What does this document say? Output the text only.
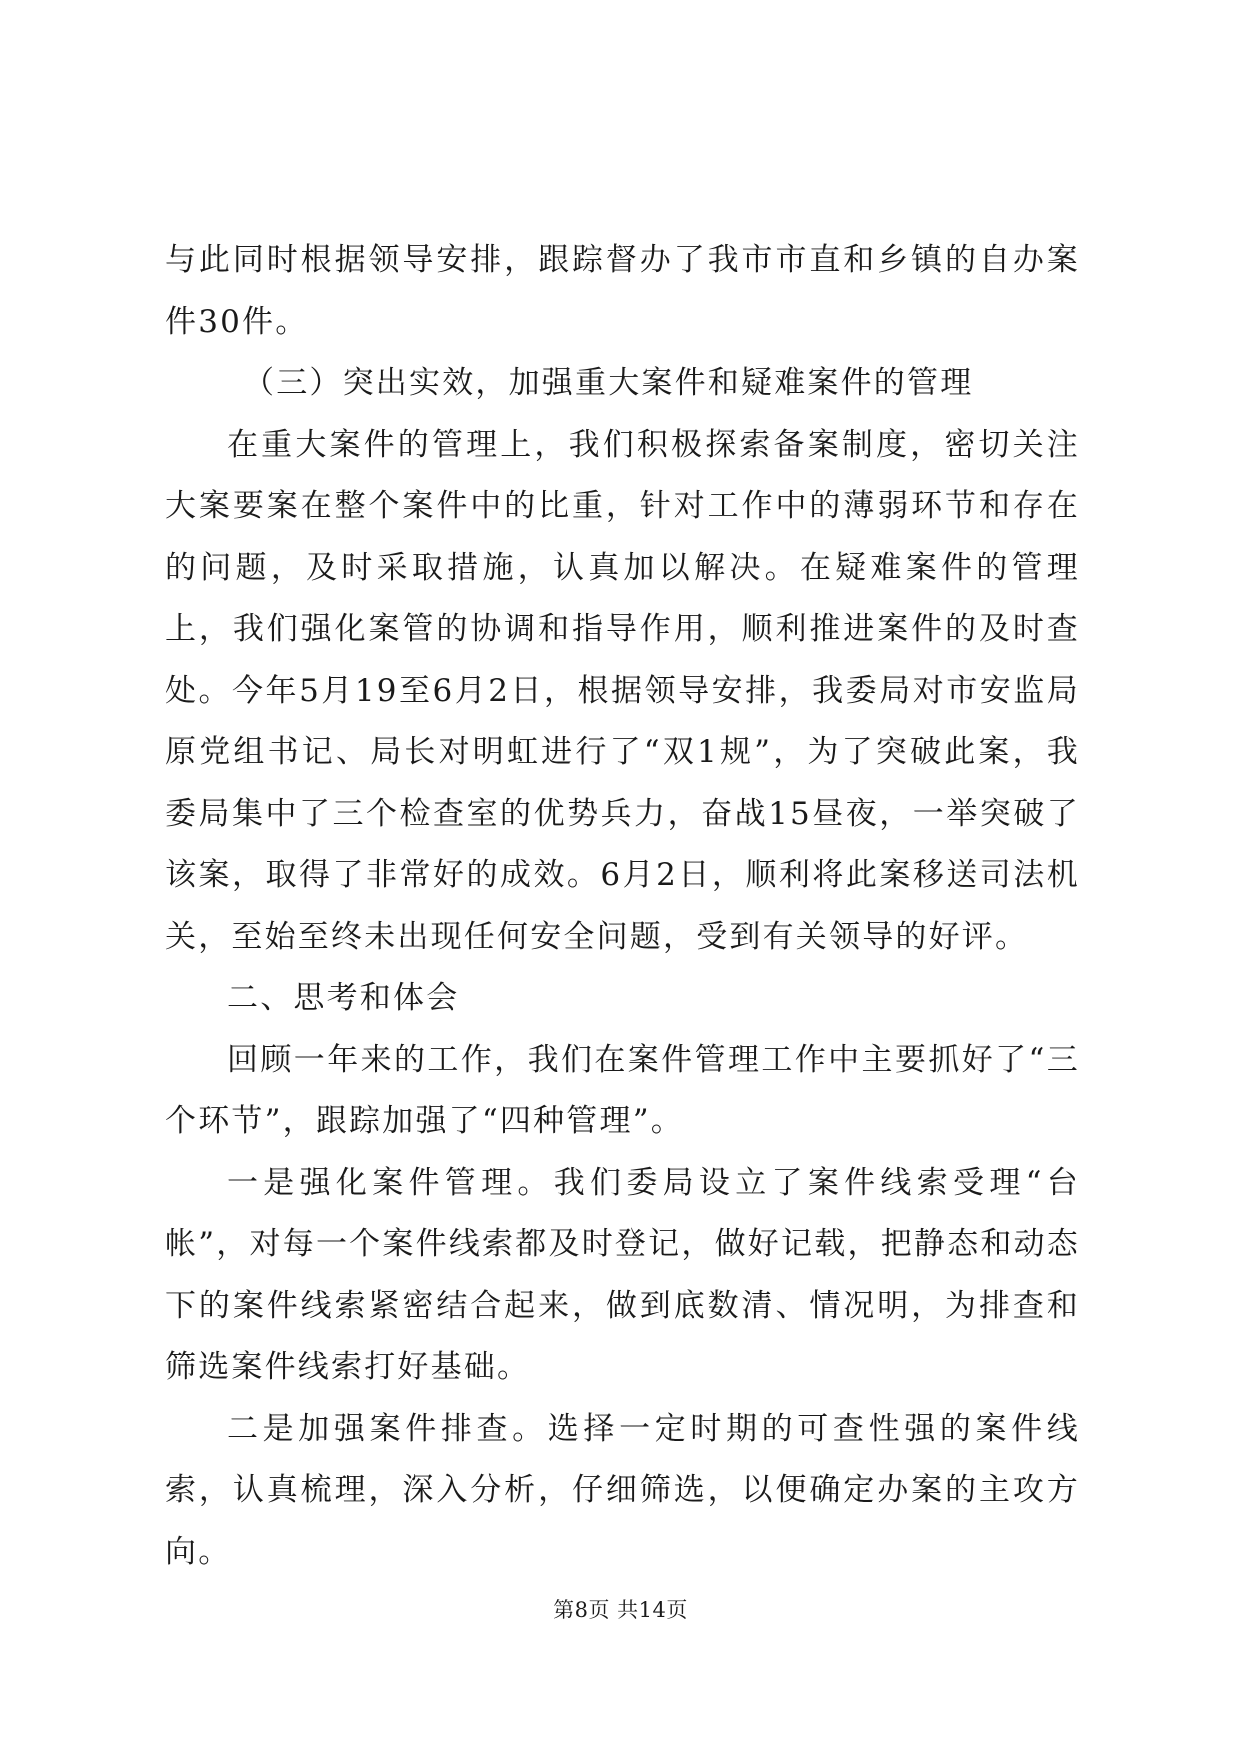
与此同时根据领导安排，跟踪督办了我市市直和乡镇的自办案件30件。

（三）突出实效，加强重大案件和疑难案件的管理

在重大案件的管理上，我们积极探索备案制度，密切关注大案要案在整个案件中的比重，针对工作中的薄弱环节和存在的问题，及时采取措施，认真加以解决。在疑难案件的管理上，我们强化案管的协调和指导作用，顺利推进案件的及时查处。今年5月19至6月2日，根据领导安排，我委局对市安监局原党组书记、局长对明虹进行了“双1规”，为了突破此案，我委局集中了三个检查室的优势兵力，奋战15昼夜，一举突破了该案，取得了非常好的成效。6月2日，顺利将此案移送司法机关，至始至终未出现任何安全问题，受到有关领导的好评。

二、思考和体会

回顾一年来的工作，我们在案件管理工作中主要抓好了“三个环节”，跟踪加强了“四种管理”。

一是强化案件管理。我们委局设立了案件线索受理“台帐”，对每一个案件线索都及时登记，做好记载，把静态和动态下的案件线索紧密结合起来，做到底数清、情况明，为排查和筛选案件线索打好基础。

二是加强案件排查。选择一定时期的可查性强的案件线索，认真梳理，深入分析，仔细筛选，以便确定办案的主攻方向。

第8页 共14页
